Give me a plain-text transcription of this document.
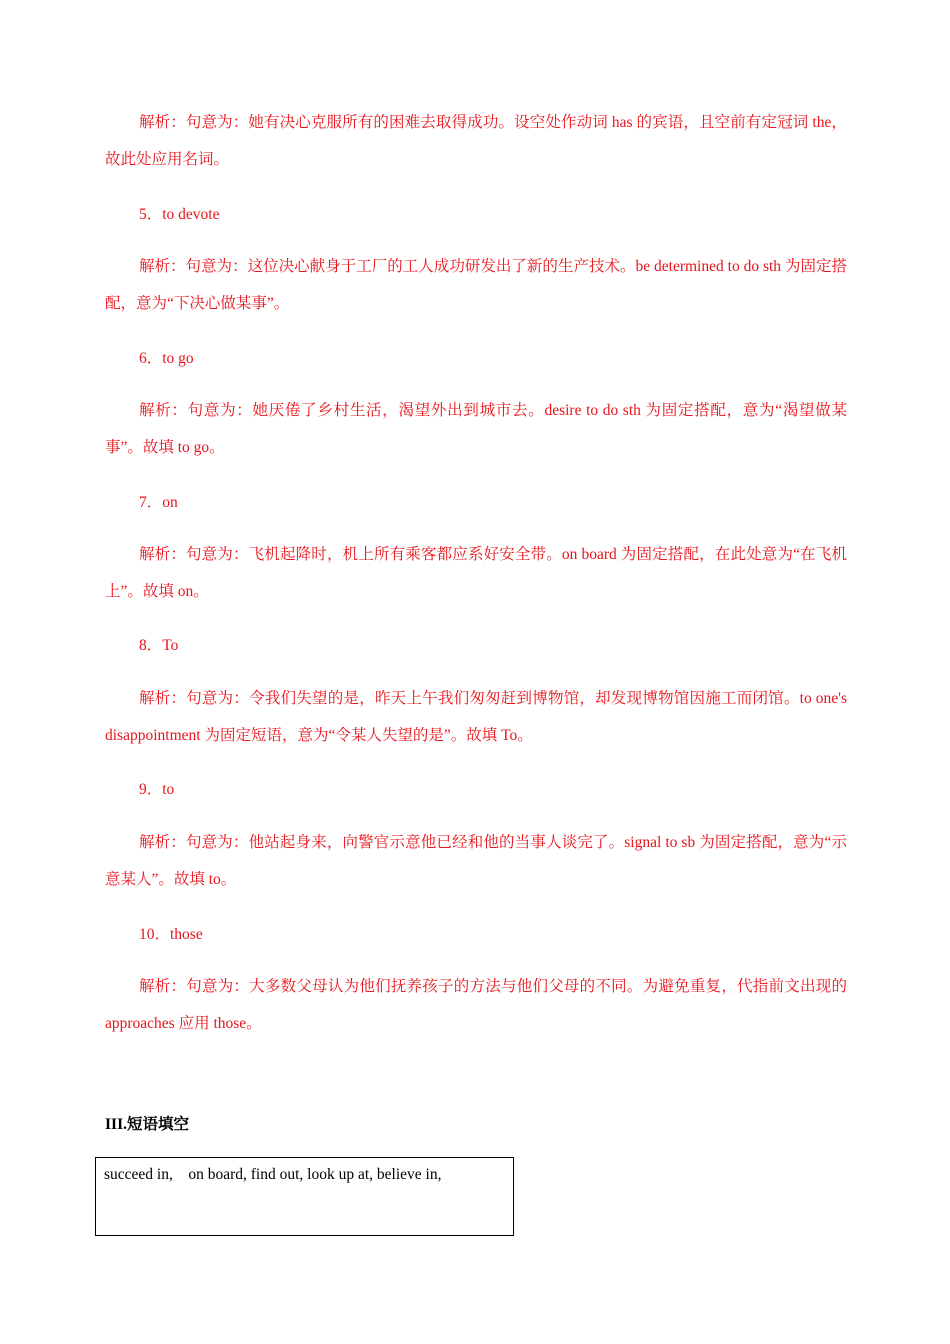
解析：句意为：她有决心克服所有的困难去取得成功。设空处作动词 has 的宾语，且空前有定冠词 the，故此处应用名词。

5．to devote

解析：句意为：这位决心献身于工厂的工人成功研发出了新的生产技术。be determined to do sth 为固定搭配，意为“下决心做某事”。

6．to go

解析：句意为：她厌倦了乡村生活，渴望外出到城市去。desire to do sth 为固定搭配，意为“渴望做某事”。故填 to go。

7．on

解析：句意为：飞机起降时，机上所有乘客都应系好安全带。on board 为固定搭配，在此处意为“在飞机上”。故填 on。

8．To

解析：句意为：令我们失望的是，昨天上午我们匆匆赶到博物馆，却发现博物馆因施工而闭馆。to one's disappointment 为固定短语，意为“令某人失望的是”。故填 To。

9．to

解析：句意为：他站起身来，向警官示意他已经和他的当事人谈完了。signal to sb 为固定搭配，意为“示意某人”。故填 to。

10．those

解析：句意为：大多数父母认为他们抚养孩子的方法与他们父母的不同。为避免重复，代指前文出现的 approaches 应用 those。

III.短语填空

succeed in,    on board, find out, look up at, believe in,
